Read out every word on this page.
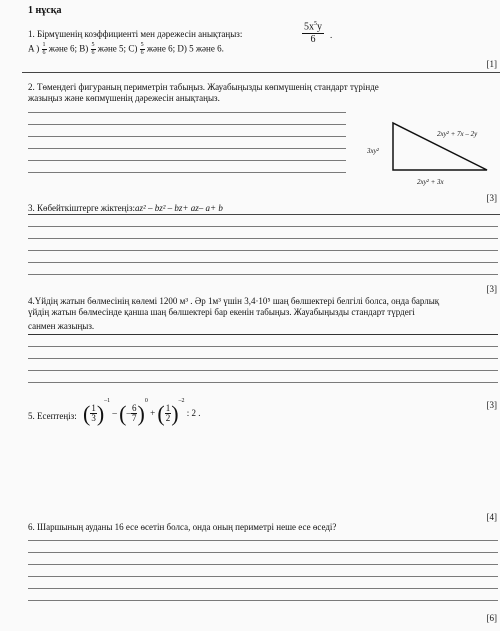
1 нұсқа
1. Бірмүшенің коэффициенті мен дәрежесін анықтаңыз:
$5x^5y$
6	.
A ) $\frac{1}{6}$ және 6; $B) \frac{5}{6}$ және 5; $C) \frac{5}{6}$ және 6; D) 5 және 6.
[1]
2. Төмендегі фигураның периметрін табыңыз. Жауабыңызды көпмүшенің стандарт түрінде
жазыңыз және көпмүшенің дәрежесін анықтаңыз.
3xy²
2xy² + 7x – 2y
2xy² + 3x
[3]
3. Көбейткіштерге жіктеңіз:az² – bz² – bz+ az– a+ b
[3]
4.Үйдің жатын бөлмесінің көлемі 1200 м³ . Әр 1м³ үшін 3,4·10⁵ шаң бөлшектері белгілі болса, онда барлық
үйдің жатын бөлмесінде қанша шаң бөлшектері бар екенін табыңыз. Жауабыңызды стандарт түрдегі
санмен жазыңыз.
[3]
5. Есептеңіз: ( $\frac{1}{3} )^{-1}$ – (– $\frac{6}{7} )^0$ + ( $\frac{1}{2} )^{-2}$ : 2 .
[4]
6. Шаршының ауданы 16 есе өсетін болса, онда оның периметрі неше есе өседі?
[6]
